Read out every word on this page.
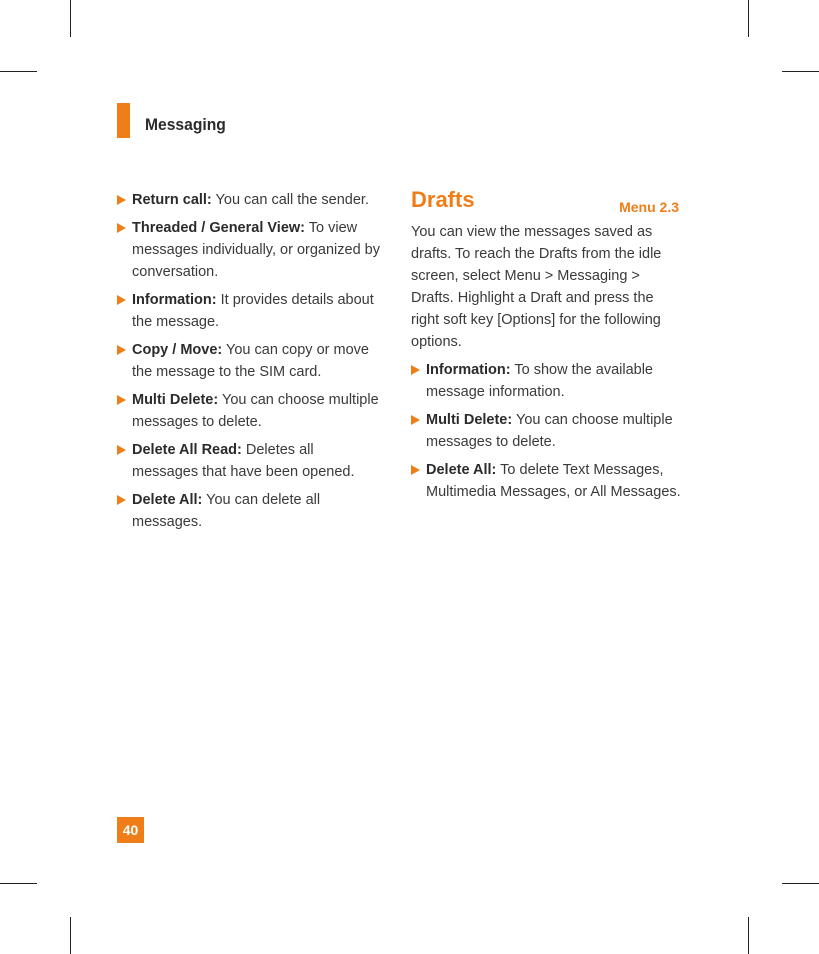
Messaging
Return call: You can call the sender.
Threaded / General View: To view messages individually, or organized by conversation.
Information: It provides details about the message.
Copy / Move: You can copy or move the message to the SIM card.
Multi Delete: You can choose multiple messages to delete.
Delete All Read: Deletes all messages that have been opened.
Delete All: You can delete all messages.
Drafts	Menu 2.3
You can view the messages saved as drafts. To reach the Drafts from the idle screen, select Menu > Messaging > Drafts. Highlight a Draft and press the right soft key [Options] for the following options.
Information: To show the available message information.
Multi Delete: You can choose multiple messages to delete.
Delete All: To delete Text Messages, Multimedia Messages, or All Messages.
40
